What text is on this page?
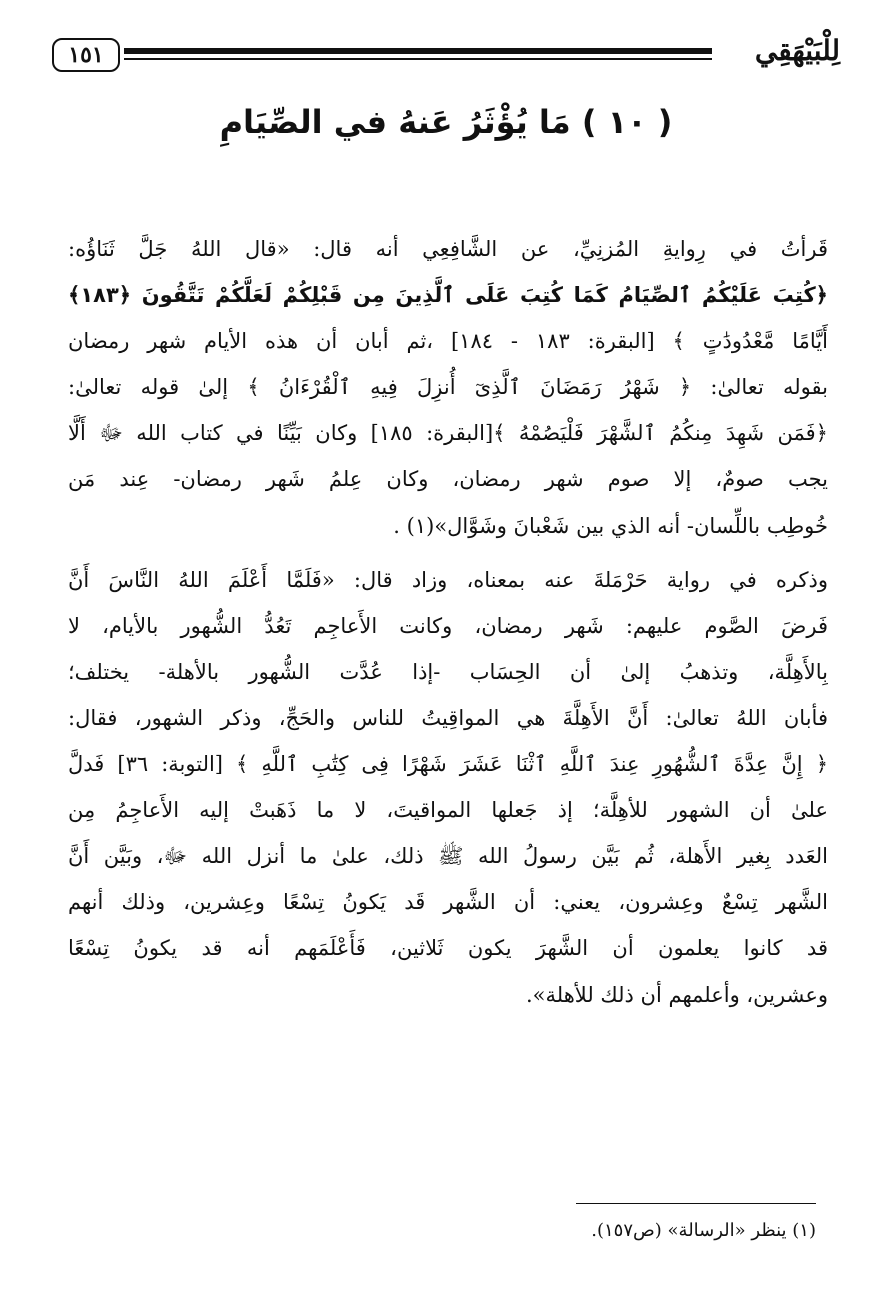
١٥١	لِلْبَيْهَقِي
( ١٠ ) مَا يُؤْثَرُ عَنهُ في الصِّيَامِ
قَرأتُ في رِوايةِ المُزنِيِّ، عن الشَّافِعِي أنه قال: «قال اللهُ جَلَّ ثَنَاؤُه:
﴿كُتِبَ عَلَيْكُمُ ٱلصِّيَامُ كَمَا كُتِبَ عَلَى ٱلَّذِينَ مِن قَبْلِكُمْ لَعَلَّكُمْ تَتَّقُونَ ﴿١٨٣﴾
أَيَّامًا مَّعْدُودَٰتٍ ﴾ [البقرة: ١٨٣ - ١٨٤] ،ثم أبان أن هذه الأيام شهر رمضان
بقوله تعالىٰ: ﴿ شَهْرُ رَمَضَانَ ٱلَّذِىٓ أُنزِلَ فِيهِ ٱلْقُرْءَانُ ﴾ إلىٰ قوله تعالىٰ:
﴿فَمَن شَهِدَ مِنكُمُ ٱلشَّهْرَ فَلْيَصُمْهُ ﴾[البقرة: ١٨٥] وكان بَيِّنًا في كتاب الله ﷻ أَلَّا
يجب صومٌ، إلا صوم شهر رمضان، وكان عِلمُ شَهر رمضان- عِند مَن
خُوطِب باللِّسان- أنه الذي بين شَعْبانَ وشَوَّال»(١) .
وذكره في رواية حَرْمَلةَ عنه بمعناه، وزاد قال: «فَلَمَّا أَعْلَمَ اللهُ النَّاسَ أَنَّ
فَرضَ الصَّوم عليهم: شَهر رمضان، وكانت الأَعاجِم تَعُدُّ الشُّهور بالأيام، لا
بِالأَهِلَّة، وتذهبُ إلىٰ أن الحِسَاب -إذا عُدَّت الشُّهور بالأهلة- يختلف؛
فأبان اللهُ تعالىٰ: أَنَّ الأَهِلَّةَ هي المواقِيتُ للناس والحَجِّ، وذكر الشهور، فقال:
﴿ إِنَّ عِدَّةَ ٱلشُّهُورِ عِندَ ٱللَّهِ ٱثْنَا عَشَرَ شَهْرًا فِى كِتَٰبِ ٱللَّهِ ﴾ [التوبة: ٣٦] فَدلَّ
علىٰ أن الشهور للأهِلَّة؛ إذ جَعلها المواقيتَ، لا ما ذَهَبتْ إليه الأَعاجِمُ مِن
العَدد بِغير الأَهلة، ثُم بَيَّن رسولُ الله ﷺ ذلك، علىٰ ما أنزل الله ﷻ، وبَيَّن أَنَّ
الشَّهر تِسْعٌ وعِشرون، يعني: أن الشَّهر قَد يَكونُ تِسْعًا وعِشرين، وذلك أنهم
قد كانوا يعلمون أن الشَّهرَ يكون ثَلاثين، فَأَعْلَمَهم أنه قد يكونُ تِسْعًا
وعشرين، وأعلمهم أن ذلك للأهلة».
(١) ينظر «الرسالة» (ص١٥٧).
